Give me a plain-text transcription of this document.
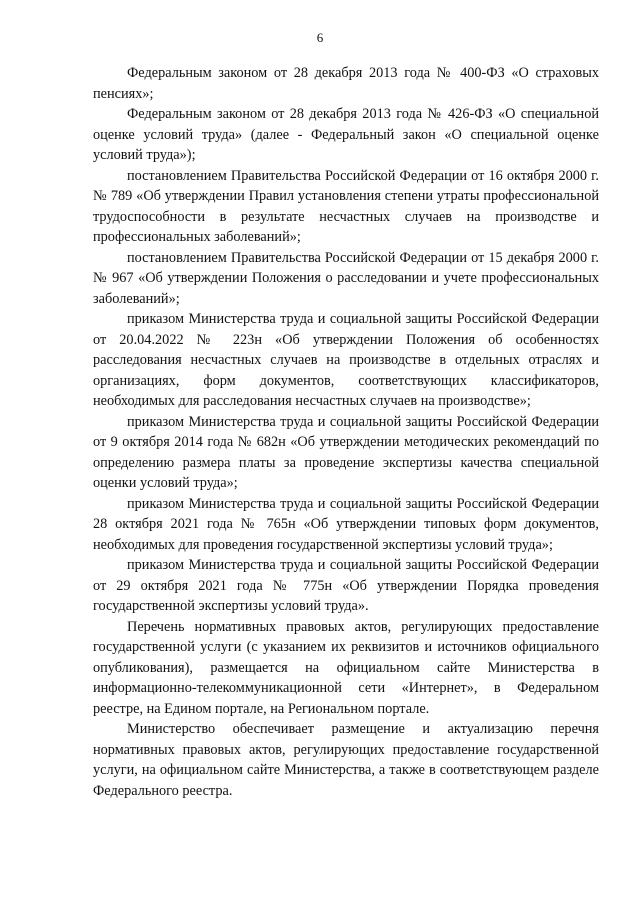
6

Федеральным законом от 28 декабря 2013 года № 400-ФЗ «О страховых пенсиях»;

Федеральным законом от 28 декабря 2013 года № 426-ФЗ «О специальной оценке условий труда» (далее - Федеральный закон «О специальной оценке условий труда»);

постановлением Правительства Российской Федерации от 16 октября 2000 г. № 789 «Об утверждении Правил установления степени утраты профессиональной трудоспособности в результате несчастных случаев на производстве и профессиональных заболеваний»;

постановлением Правительства Российской Федерации от 15 декабря 2000 г. № 967 «Об утверждении Положения о расследовании и учете профессиональных заболеваний»;

приказом Министерства труда и социальной защиты Российской Федерации от 20.04.2022 № 223н «Об утверждении Положения об особенностях расследования несчастных случаев на производстве в отдельных отраслях и организациях, форм документов, соответствующих классификаторов, необходимых для расследования несчастных случаев на производстве»;

приказом Министерства труда и социальной защиты Российской Федерации от 9 октября 2014 года № 682н «Об утверждении методических рекомендаций по определению размера платы за проведение экспертизы качества специальной оценки условий труда»;

приказом Министерства труда и социальной защиты Российской Федерации 28 октября 2021 года № 765н «Об утверждении типовых форм документов, необходимых для проведения государственной экспертизы условий труда»;

приказом Министерства труда и социальной защиты Российской Федерации от 29 октября 2021 года № 775н «Об утверждении Порядка проведения государственной экспертизы условий труда».

Перечень нормативных правовых актов, регулирующих предоставление государственной услуги (с указанием их реквизитов и источников официального опубликования), размещается на официальном сайте Министерства в информационно-телекоммуникационной сети «Интернет», в Федеральном реестре, на Едином портале, на Региональном портале.

Министерство обеспечивает размещение и актуализацию перечня нормативных правовых актов, регулирующих предоставление государственной услуги, на официальном сайте Министерства, а также в соответствующем разделе Федерального реестра.
